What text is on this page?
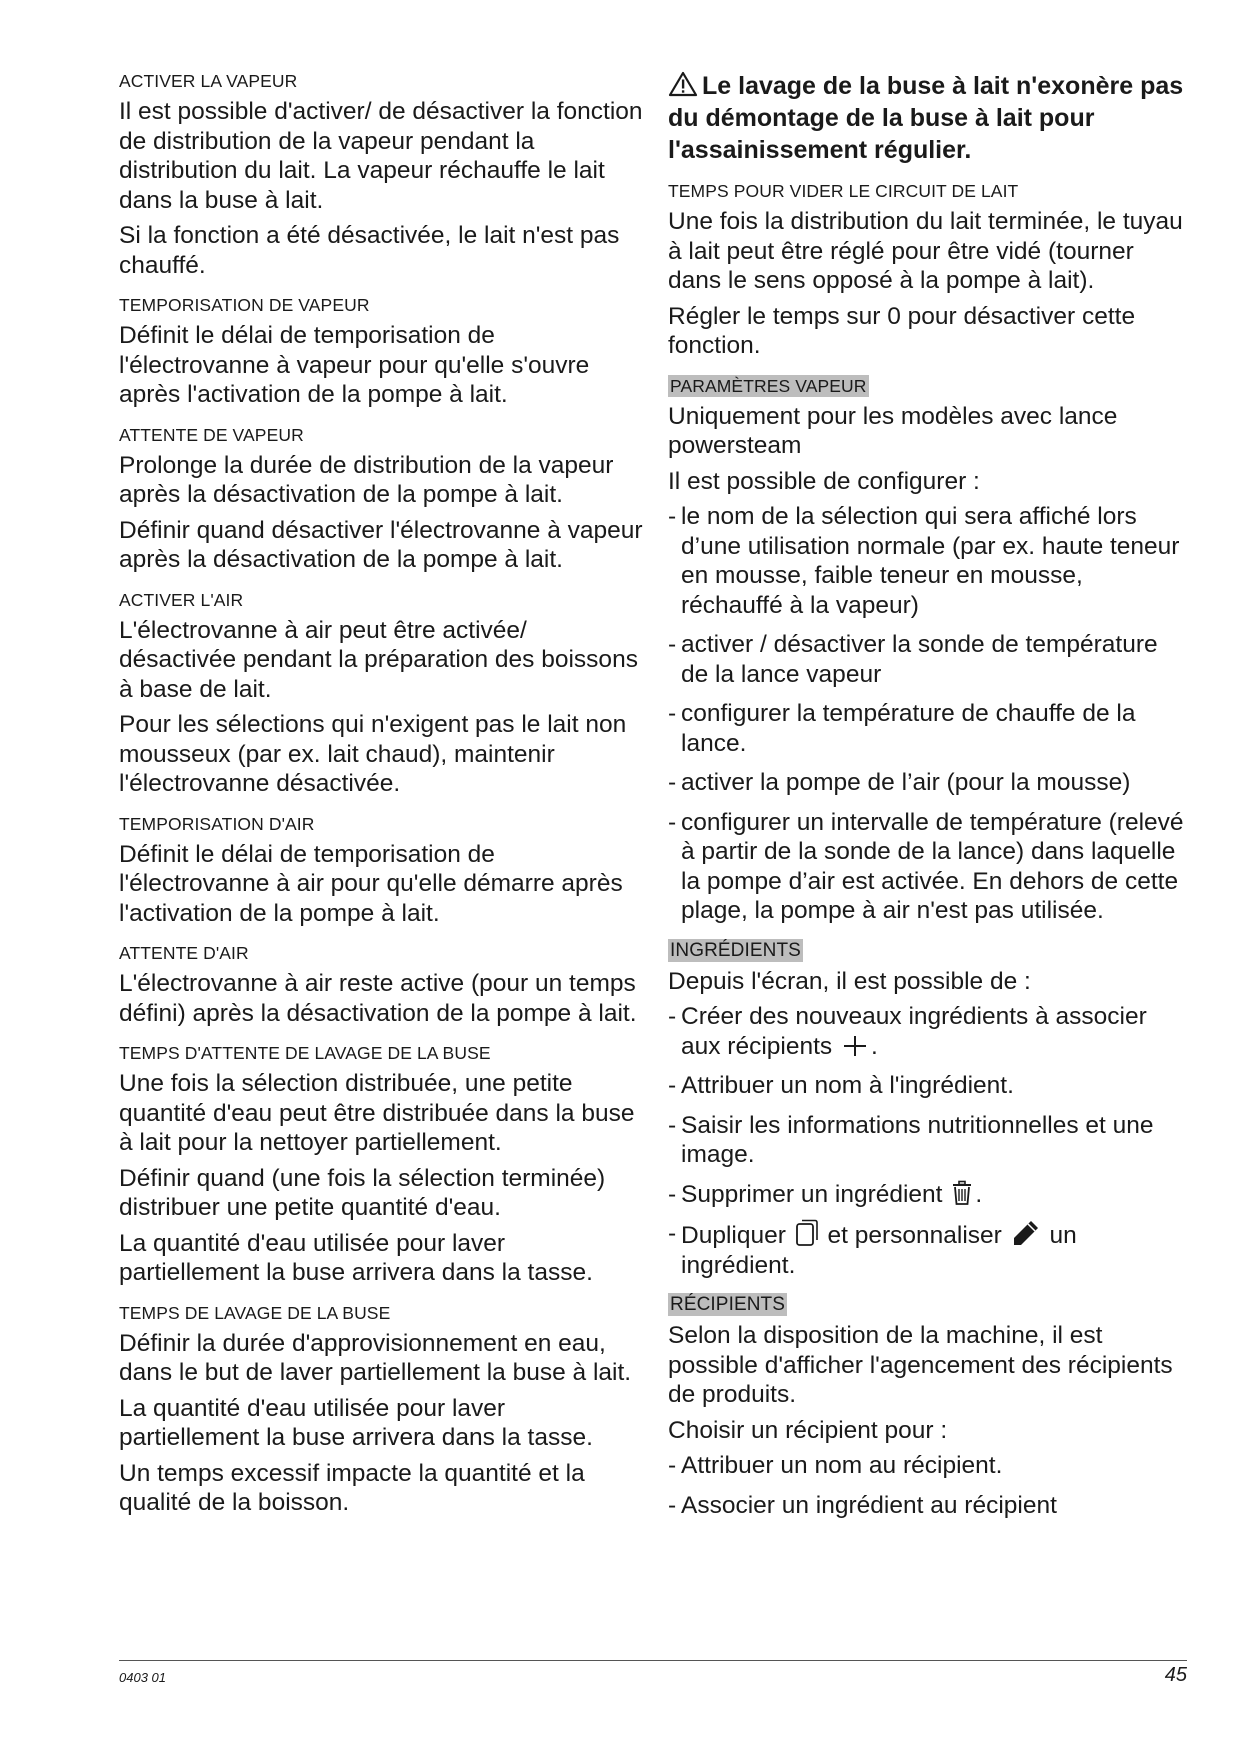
ACTIVER LA VAPEUR

Il est possible d'activer/ de désactiver la fonction de distribution de la vapeur pendant la distribution du lait. La vapeur réchauffe le lait dans la buse à lait.

Si la fonction a été désactivée, le lait n'est pas chauffé.

TEMPORISATION DE VAPEUR

Définit le délai de temporisation de l'électrovanne à vapeur pour qu'elle s'ouvre après l'activation de la pompe à lait.

ATTENTE DE VAPEUR

Prolonge la durée de distribution de la vapeur après la désactivation de la pompe à lait.

Définir quand désactiver l'électrovanne à vapeur après la désactivation de la pompe à lait.

ACTIVER L'AIR

L'électrovanne à air peut être activée/ désactivée pendant la préparation des boissons à base de lait.

Pour les sélections qui n'exigent pas le lait non mousseux (par ex. lait chaud), maintenir l'électrovanne désactivée.

TEMPORISATION D'AIR

Définit le délai de temporisation de l'électrovanne à air pour qu'elle démarre après l'activation de la pompe à lait.

ATTENTE D'AIR

L'électrovanne à air reste active (pour un temps défini) après la désactivation de la pompe à lait.

TEMPS D'ATTENTE DE LAVAGE DE LA BUSE

Une fois la sélection distribuée, une petite quantité d'eau peut être distribuée dans la buse à lait pour la nettoyer partiellement.

Définir quand (une fois la sélection terminée) distribuer une petite quantité d'eau.

La quantité d'eau utilisée pour laver partiellement la buse arrivera dans la tasse.

TEMPS DE LAVAGE DE LA BUSE

Définir la durée d'approvisionnement en eau, dans le but de laver partiellement la buse à lait.

La quantité d'eau utilisée pour laver partiellement la buse arrivera dans la tasse.

Un temps excessif impacte la quantité et la qualité de la boisson.

Le lavage de la buse à lait n'exonère pas du démontage de la buse à lait pour l'assainissement régulier.
TEMPS POUR VIDER LE CIRCUIT DE LAIT

Une fois la distribution du lait terminée, le tuyau à lait peut être réglé pour être vidé (tourner dans le sens opposé à la pompe à lait).

Régler le temps sur 0 pour désactiver cette fonction.

PARAMÈTRES VAPEUR

Uniquement pour les modèles avec lance powersteam

Il est possible de configurer :

- le nom de la sélection qui sera affiché lors d’une utilisation normale (par ex. haute teneur en mousse, faible teneur en mousse, réchauffé à la vapeur)
- activer / désactiver la sonde de température de la lance vapeur
- configurer la température de chauffe de la lance.
- activer la pompe de l’air (pour la mousse)
- configurer un intervalle de température (relevé à partir de la sonde de la lance) dans laquelle la pompe d’air est activée. En dehors de cette plage, la pompe à air n'est pas utilisée.
INGRÉDIENTS

Depuis l'écran, il est possible de :

- Créer des nouveaux ingrédients à associer aux récipients .
- Attribuer un nom à l'ingrédient.
- Saisir les informations nutritionnelles et une image.
- Supprimer un ingrédient .
- Dupliquer et personnaliser un ingrédient.
RÉCIPIENTS

Selon la disposition de la machine, il est possible d'afficher l'agencement des récipients de produits.

Choisir un récipient pour :

- Attribuer un nom au récipient.
- Associer un ingrédient au récipient
0403 01	45
